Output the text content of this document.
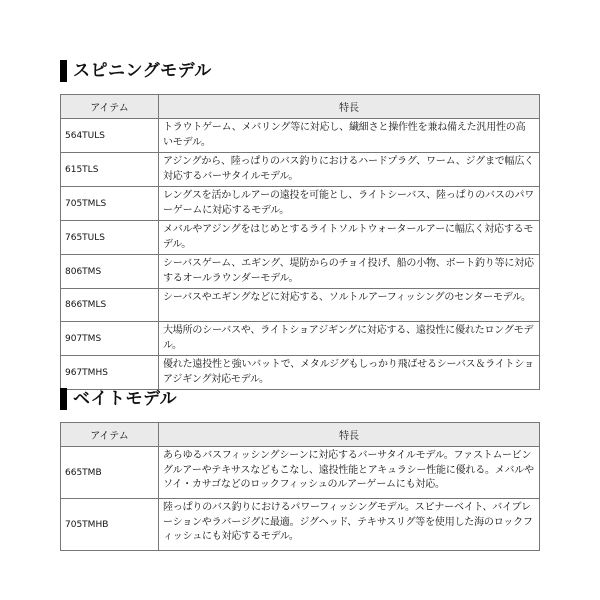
スピニングモデル
アイテム	特長
564TULS	トラウトゲーム、メバリング等に対応し、繊細さと操作性を兼ね備えた汎用性の高いモデル。
615TLS	アジングから、陸っぱりのバス釣りにおけるハードプラグ、ワーム、ジグまで幅広く対応するバーサタイルモデル。
705TMLS	レングスを活かしルアーの遠投を可能とし、ライトシーバス、陸っぱりのバスのパワーゲームに対応するモデル。
765TULS	メバルやアジングをはじめとするライトソルトウォータールアーに幅広く対応するモデル。
806TMS	シーバスゲーム、エギング、堤防からのチョイ投げ、船の小物、ボート釣り等に対応するオールラウンダーモデル。
866TMLS	シーバスやエギングなどに対応する、ソルトルアーフィッシングのセンターモデル。
907TMS	大場所のシーバスや、ライトショアジギングに対応する、遠投性に優れたロングモデル。
967TMHS	優れた遠投性と強いバットで、メタルジグもしっかり飛ばせるシーバス＆ライトショアジギング対応モデル。
ベイトモデル
アイテム	特長
665TMB	あらゆるバスフィッシングシーンに対応するバーサタイルモデル。ファストムービングルアーやテキサスなどもこなし、遠投性能とアキュラシー性能に優れる。メバルやソイ・カサゴなどのロックフィッシュのルアーゲームにも対応。
705TMHB	陸っぱりのバス釣りにおけるパワーフィッシングモデル。スピナーベイト、バイブレーションやラバージグに最適。ジグヘッド、テキサスリグ等を使用した海のロックフィッシュにも対応するモデル。
